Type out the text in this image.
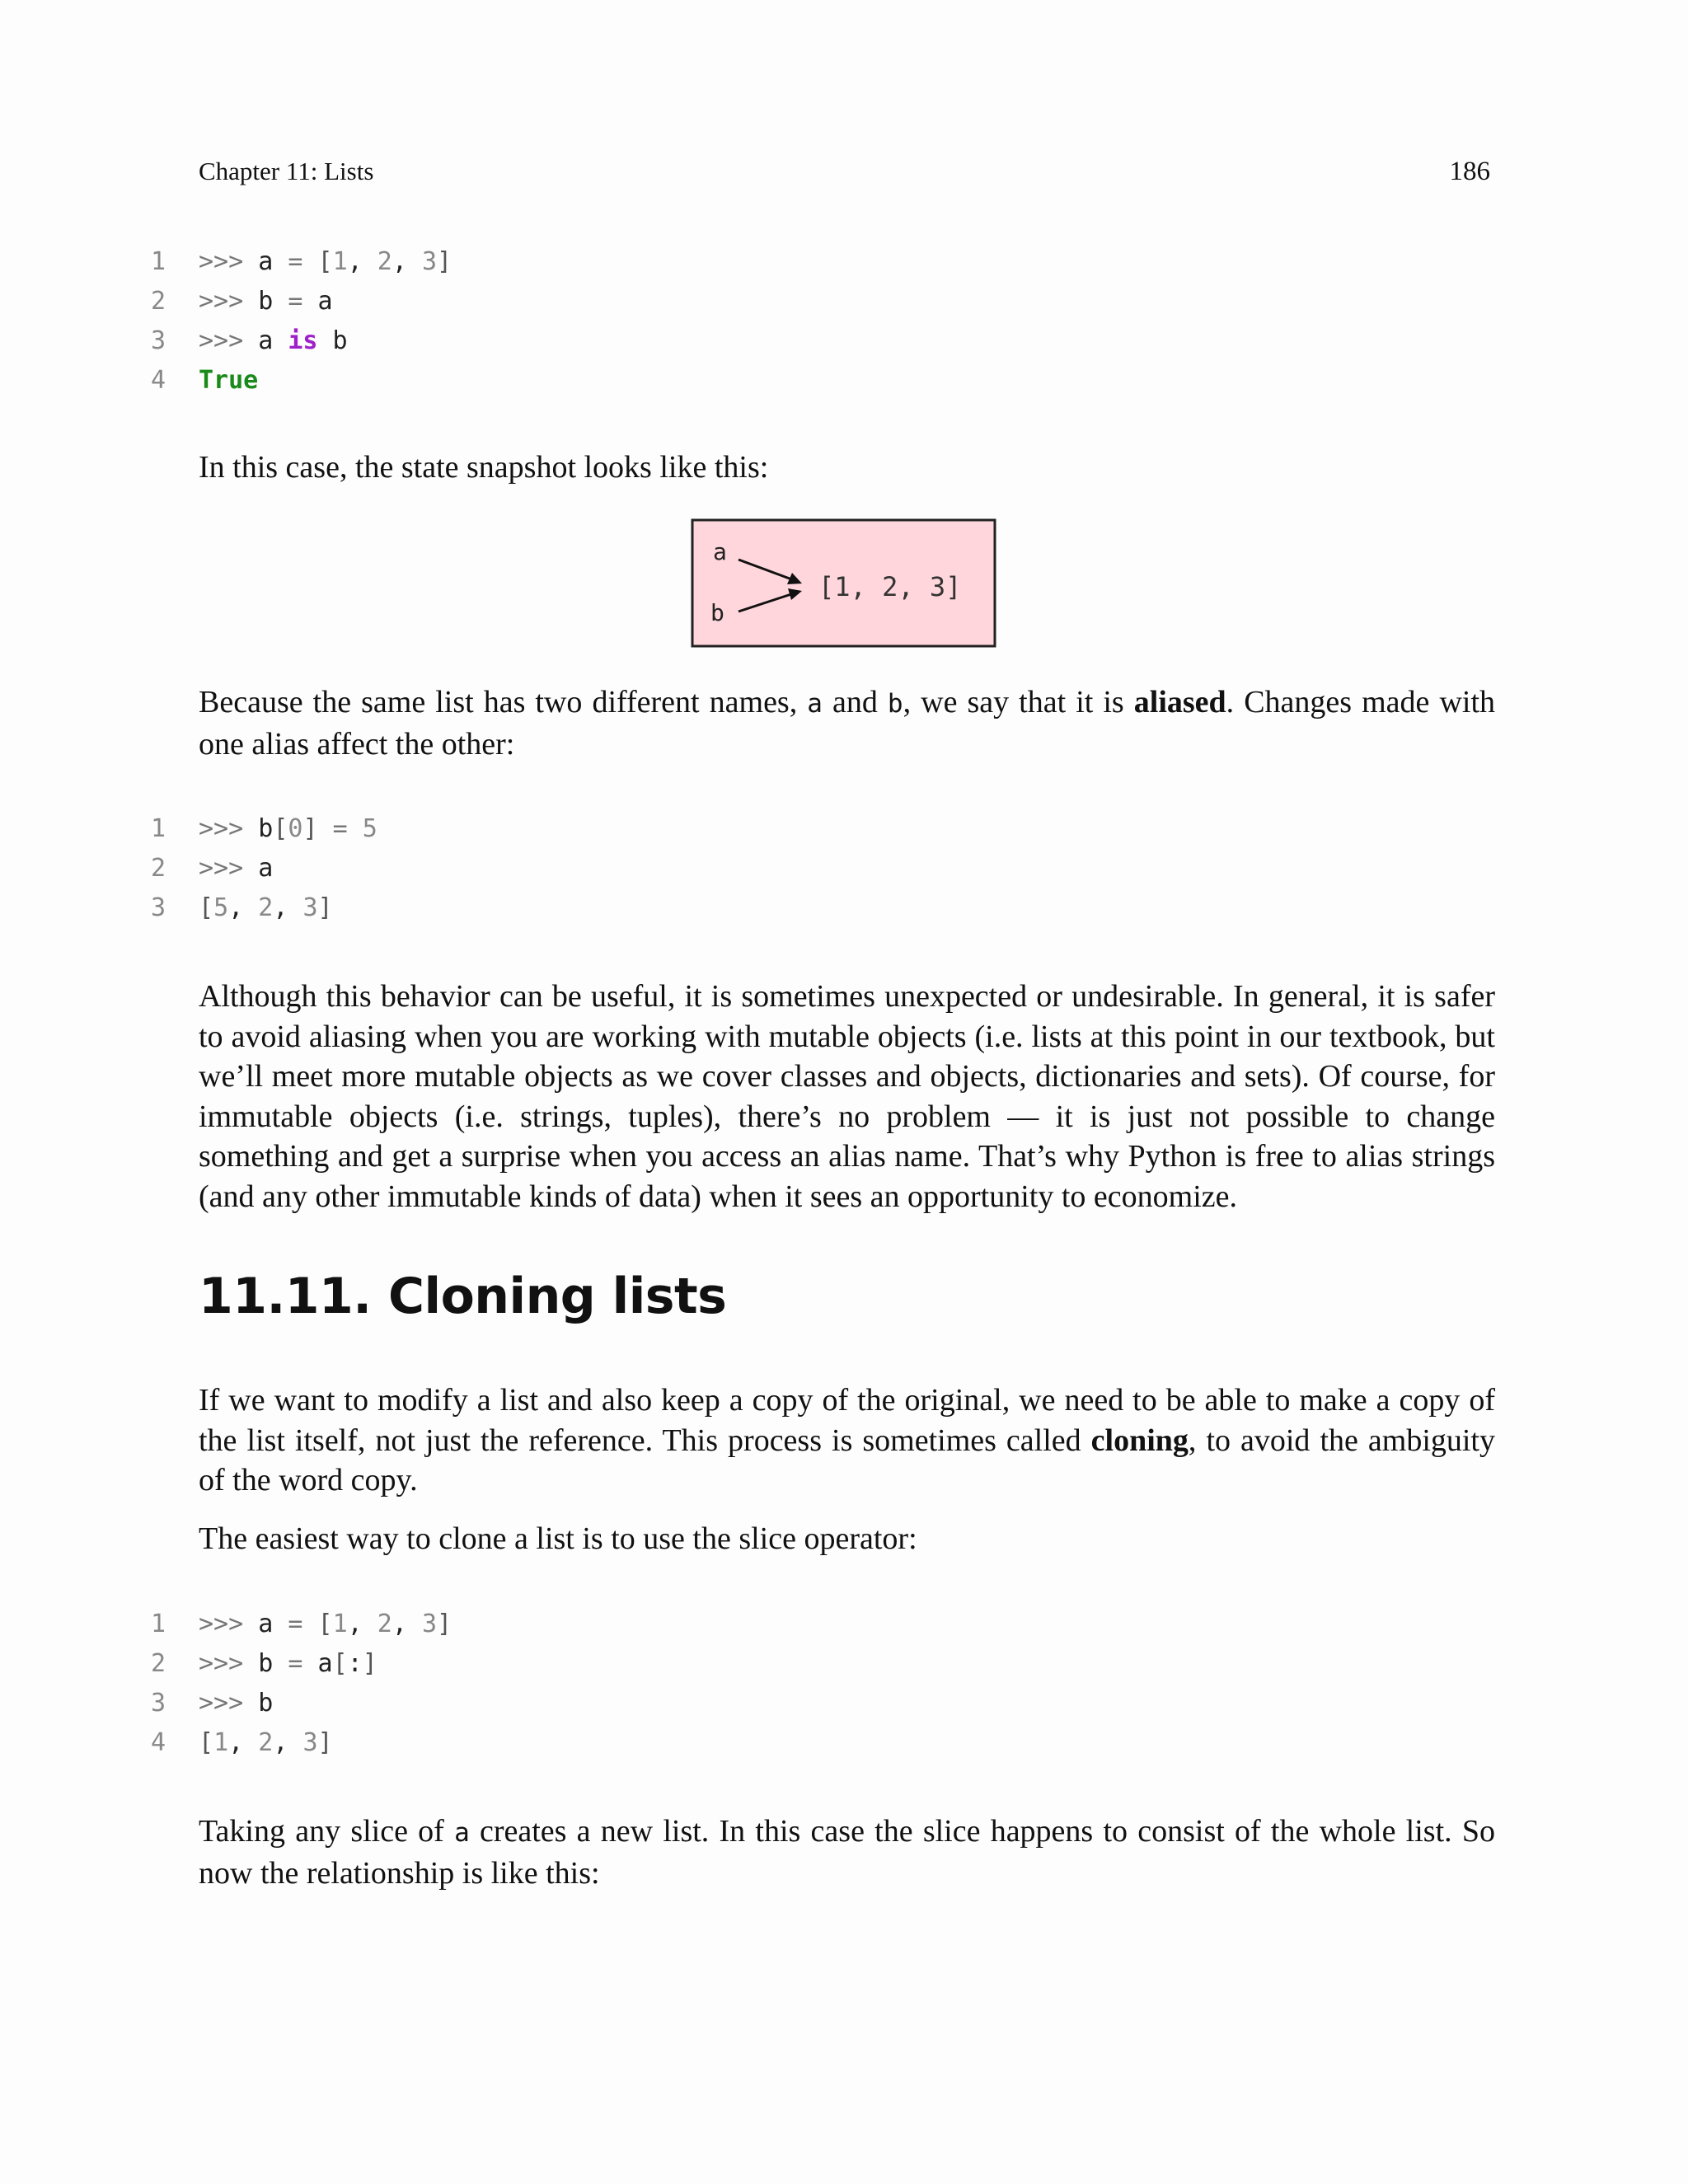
Chapter 11: Lists	186
1 >>> a = [1, 2, 3]
2 >>> b = a
3 >>> a is b
4 True
In this case, the state snapshot looks like this:
a
b
[1, 2, 3]
Because the same list has two different names, a and b, we say that it is aliased. Changes made with one alias affect the other:
1 >>> b[0] = 5
2 >>> a
3 [5, 2, 3]
Although this behavior can be useful, it is sometimes unexpected or undesirable. In general, it is safer to avoid aliasing when you are working with mutable objects (i.e. lists at this point in our textbook, but we’ll meet more mutable objects as we cover classes and objects, dictionaries and sets). Of course, for immutable objects (i.e. strings, tuples), there’s no problem — it is just not possible to change something and get a surprise when you access an alias name. That’s why Python is free to alias strings (and any other immutable kinds of data) when it sees an opportunity to economize.
11.11. Cloning lists
If we want to modify a list and also keep a copy of the original, we need to be able to make a copy of the list itself, not just the reference. This process is sometimes called cloning, to avoid the ambiguity of the word copy.
The easiest way to clone a list is to use the slice operator:
1 >>> a = [1, 2, 3]
2 >>> b = a[:]
3 >>> b
4 [1, 2, 3]
Taking any slice of a creates a new list. In this case the slice happens to consist of the whole list. So now the relationship is like this:
